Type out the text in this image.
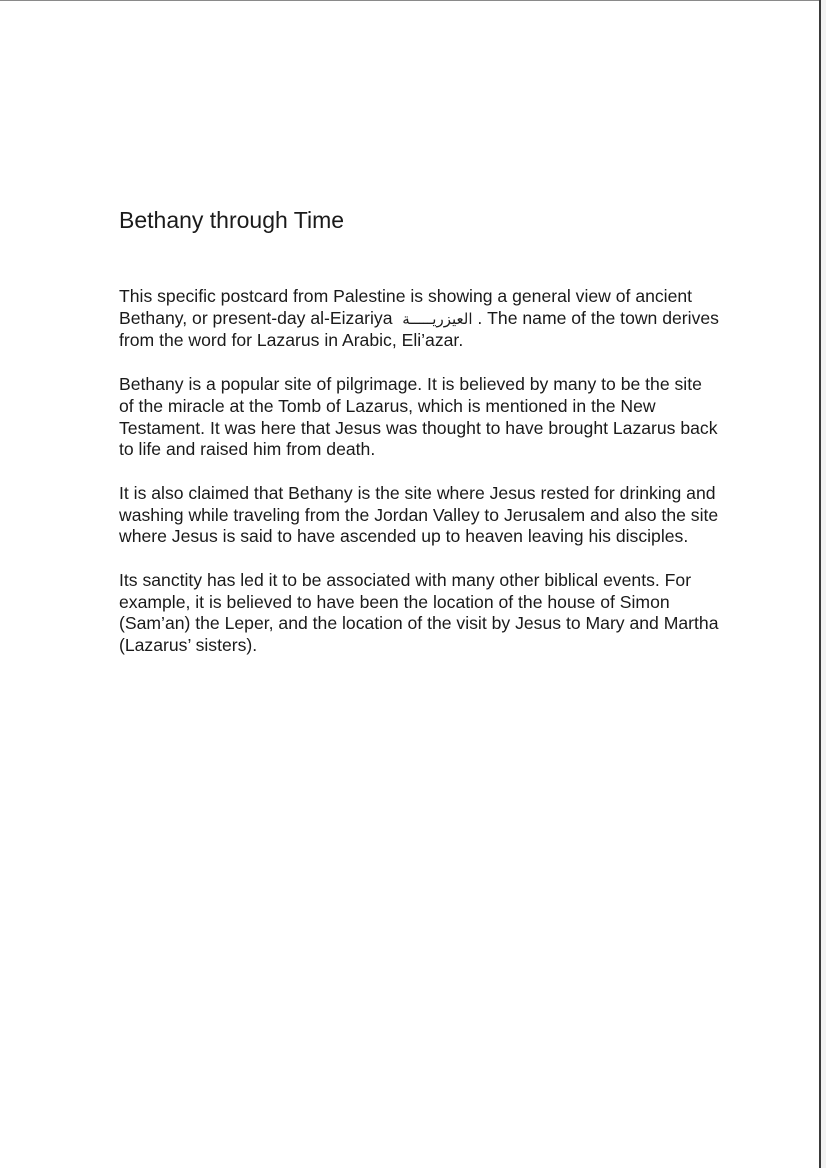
Bethany through Time

This specific postcard from Palestine is showing a general view of ancient Bethany, or present-day al-Eizariya العيزريـــــة . The name of the town derives from the word for Lazarus in Arabic, Eli’azar.

Bethany is a popular site of pilgrimage. It is believed by many to be the site of the miracle at the Tomb of Lazarus, which is mentioned in the New Testament. It was here that Jesus was thought to have brought Lazarus back to life and raised him from death.

It is also claimed that Bethany is the site where Jesus rested for drinking and washing while traveling from the Jordan Valley to Jerusalem and also the site where Jesus is said to have ascended up to heaven leaving his disciples.

Its sanctity has led it to be associated with many other biblical events. For example, it is believed to have been the location of the house of Simon (Sam’an) the Leper, and the location of the visit by Jesus to Mary and Martha (Lazarus’ sisters).
